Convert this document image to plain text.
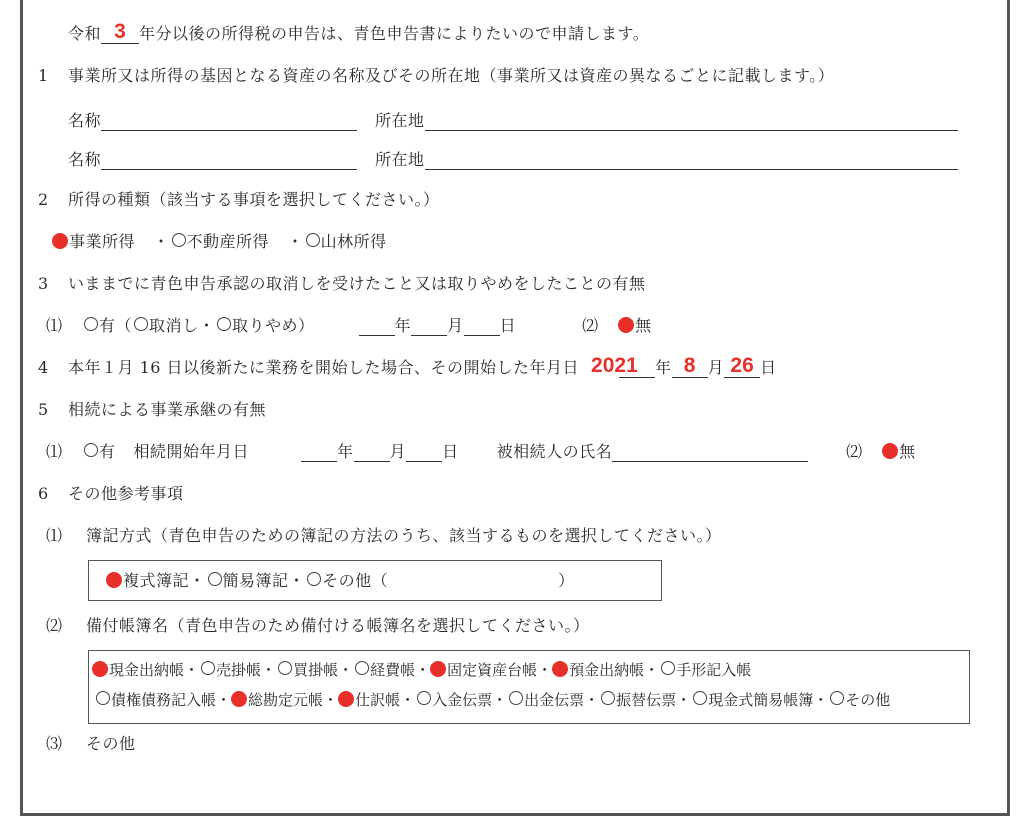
令和 3 年分以後の所得税の申告は、青色申告書によりたいので申請します。
1 事業所又は所得の基因となる資産の名称及びその所在地（事業所又は資産の異なるごとに記載します。）
名称	所在地
名称	所在地
2 所得の種類（該当する事項を選択してください。）
事業所得 ・ 不動産所得 ・ 山林所得
3 いままでに青色申告承認の取消しを受けたこと又は取りやめをしたことの有無
⑴ 有（ 取消し・ 取りやめ）	年 月 日	⑵ 無
4 本年１月 16 日以後新たに業務を開始した場合、その開始した年月日 2021 年 8 月 26 日
5 相続による事業承継の有無
⑴ 有 相続開始年月日	年 月 日 被相続人の氏名	⑵ 無
6 その他参考事項
⑴ 簿記方式（青色申告のための簿記の方法のうち、該当するものを選択してください。）
複式簿記・ 簡易簿記・ その他（	）
⑵ 備付帳簿名（青色申告のため備付ける帳簿名を選択してください。）
現金出納帳・ 売掛帳・ 買掛帳・ 経費帳・ 固定資産台帳・ 預金出納帳・ 手形記入帳
債権債務記入帳・ 総勘定元帳・ 仕訳帳・ 入金伝票・ 出金伝票・ 振替伝票・ 現金式簡易帳簿・ その他
⑶ その他
